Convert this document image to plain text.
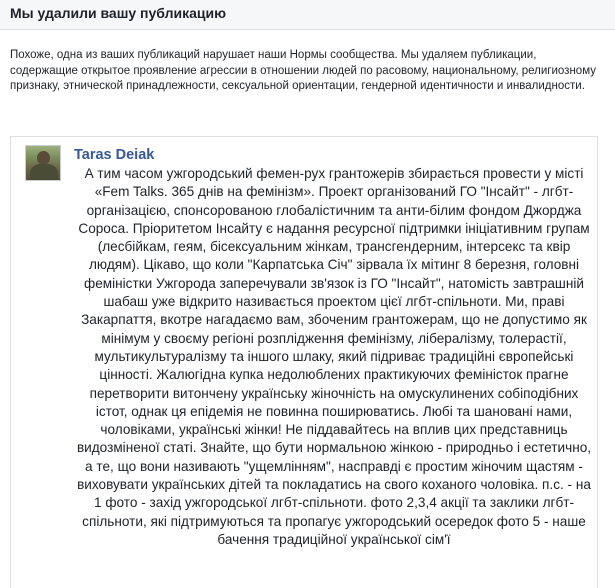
Мы удалили вашу публикацию
Похоже, одна из ваших публикаций нарушает наши Нормы сообщества. Мы удаляем публикации, содержащие открытое проявление агрессии в отношении людей по расовому, национальному, религиозному признаку, этнической принадлежности, сексуальной ориентации, гендерной идентичности и инвалидности.
Taras Deiak
А тим часом ужгородський фемен-рух грантожерів збирається провести у місті «Fem Talks. 365 днів на фемінізм». Проект організований ГО "Інсайт" - лгбт-організацією, спонсорованою глобалістичним та анти-білим фондом Джорджа Сороса. Пріоритетом Інсайту є надання ресурсної підтримки ініціативним групам (лесбійкам, геям, бісексуальним жінкам, трансгендерним, інтерсекс та квір людям). Цікаво, що коли "Карпатська Січ" зірвала їх мітинг 8 березня, головні феміністки Ужгорода заперечували зв'язок із ГО "Інсайт", натомість завтрашній шабаш уже відкрито називається проектом цієї лгбт-спільноти. Ми, праві Закарпаття, вкотре нагадаємо вам, збоченим грантожерам, що не допустимо як мінімум у своєму регіоні розплідження фемінізму, лібералізму, толерастії, мультикультуралізму та іншого шлаку, який підриває традиційні європейські цінності. Жалюгідна купка недолюблених практикуючих феміністок прагне перетворити витончену українську жіночність на омускулинених собіподібних істот, однак ця епідемія не повинна поширюватись. Любі та шановані нами, чоловіками, українські жінки! Не піддавайтесь на вплив цих представниць видозміненої статі. Знайте, що бути нормальною жінкою - природньо і естетично, а те, що вони називають "ущемлінням", насправді є простим жіночим щастям - виховувати українських дітей та покладатись на свого коханого чоловіка. п.с. - на 1 фото - захід ужгородської лгбт-спільноти. фото 2,3,4 акції та заклики лгбт-спільноти, які підтримуються та пропагує ужгородський осередок фото 5 - наше бачення традиційної української сім'ї
